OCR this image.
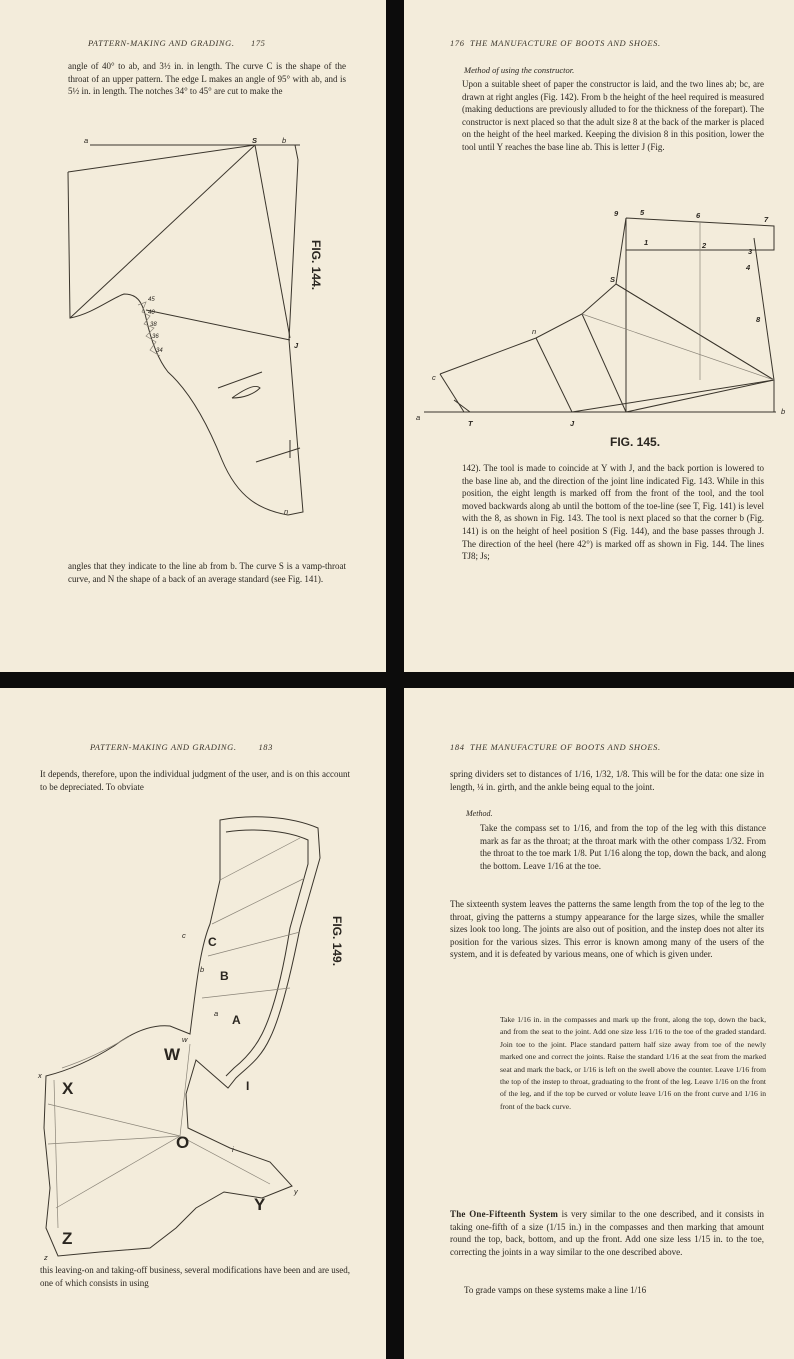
PATTERN-MAKING AND GRADING. 175
angle of 40° to ab, and 3½ in. in length. The curve C is the shape of the throat of an upper pattern. The edge L makes an angle of 95° with ab, and is 5½ in. in length. The notches 34° to 45° are cut to make the
a	S	b
J
n
45
40
38
36
34
FIG. 144.
angles that they indicate to the line ab from b. The curve S is a vamp-throat curve, and N the shape of a back of an average standard (see Fig. 141).
176 THE MANUFACTURE OF BOOTS AND SHOES.
Method of using the constructor.
Upon a suitable sheet of paper the constructor is laid, and the two lines ab; bc, are drawn at right angles (Fig. 142). From b the height of the heel required is measured (making deductions are previously alluded to for the thickness of the forepart). The constructor is next placed so that the adult size 8 at the back of the marker is placed on the height of the heel marked. Keeping the division 8 in this position, lower the tool until Y reaches the base line ab. This is letter J (Fig.
a
b
c
T	J
n
S
6	7
9	5
3
4
8
2
1
FIG. 145.
142). The tool is made to coincide at Y with J, and the back portion is lowered to the base line ab, and the direction of the joint line indicated Fig. 143. While in this position, the eight length is marked off from the front of the tool, and the tool moved backwards along ab until the bottom of the toe-line (see T, Fig. 141) is level with the 8, as shown in Fig. 143. The tool is next placed so that the corner b (Fig. 141) is on the height of heel position S (Fig. 144), and the base passes through J. The direction of the heel (here 42°) is marked off as shown in Fig. 144. The lines TJ8; Js;
PATTERN-MAKING AND GRADING.	183
It depends, therefore, upon the individual judgment of the user, and is on this account to be depreciated. To obviate
C
B
A
W
X
O
Y
Z
I
c
b
a
w
x
y
z
i
FIG. 149.
this leaving-on and taking-off business, several modifications have been and are used, one of which consists in using
184 THE MANUFACTURE OF BOOTS AND SHOES.
spring dividers set to distances of 1/16, 1/32, 1/8. This will be for the data: one size in length, ¼ in. girth, and the ankle being equal to the joint.
Method.
Take the compass set to 1/16, and from the top of the leg with this distance mark as far as the throat; at the throat mark with the other compass 1/32. From the throat to the toe mark 1/8. Put 1/16 along the top, down the back, and along the bottom. Leave 1/16 at the toe.
The sixteenth system leaves the patterns the same length from the top of the leg to the throat, giving the patterns a stumpy appearance for the large sizes, while the smaller sizes look too long. The joints are also out of position, and the instep does not alter its position for the various sizes. This error is known among many of the users of the system, and it is defeated by various means, one of which is given under.
Take 1/16 in. in the compasses and mark up the front, along the top, down the back, and from the seat to the joint. Add one size less 1/16 to the toe of the graded standard. Join toe to the joint. Place standard pattern half size away from toe of the newly marked one and correct the joints. Raise the standard 1/16 at the seat from the marked seat and mark the back, or 1/16 is left on the swell above the counter. Leave 1/16 from the top of the instep to throat, graduating to the front of the leg. Leave 1/16 on the front of the leg, and if the top be curved or volute leave 1/16 on the front curve and 1/16 in front of the back curve.
The One-Fifteenth System is very similar to the one described, and it consists in taking one-fifth of a size (1/15 in.) in the compasses and then marking that amount round the top, back, bottom, and up the front. Add one size less 1/15 in. to the toe, correcting the joints in a way similar to the one described above.
To grade vamps on these systems make a line 1/16
